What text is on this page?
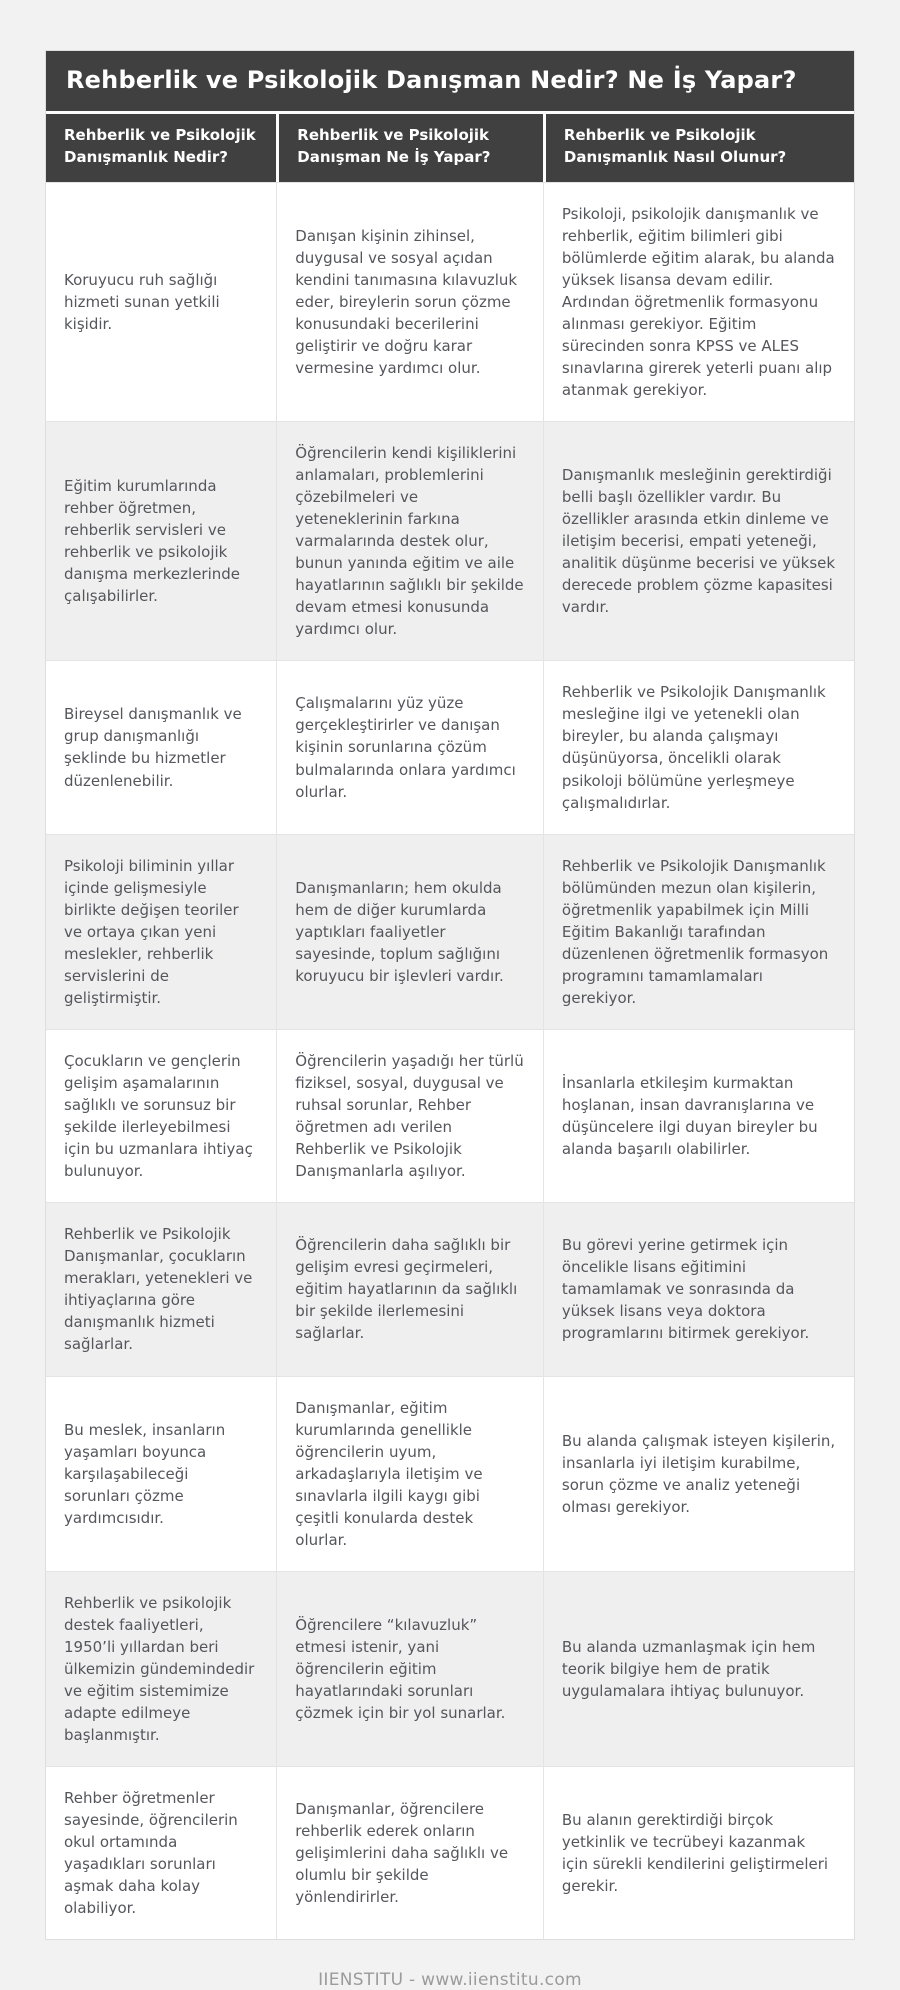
Rehberlik ve Psikolojik Danışman Nedir? Ne İş Yapar?
Rehberlik ve Psikolojik Danışmanlık Nedir?	Rehberlik ve Psikolojik Danışman Ne İş Yapar?	Rehberlik ve Psikolojik Danışmanlık Nasıl Olunur?
Koruyucu ruh sağlığı hizmeti sunan yetkili kişidir.	Danışan kişinin zihinsel, duygusal ve sosyal açıdan kendini tanımasına kılavuzluk eder, bireylerin sorun çözme konusundaki becerilerini geliştirir ve doğru karar vermesine yardımcı olur.	Psikoloji, psikolojik danışmanlık ve rehberlik, eğitim bilimleri gibi bölümlerde eğitim alarak, bu alanda yüksek lisansa devam edilir. Ardından öğretmenlik formasyonu alınması gerekiyor. Eğitim sürecinden sonra KPSS ve ALES sınavlarına girerek yeterli puanı alıp atanmak gerekiyor.
Eğitim kurumlarında rehber öğretmen, rehberlik servisleri ve rehberlik ve psikolojik danışma merkezlerinde çalışabilirler.	Öğrencilerin kendi kişiliklerini anlamaları, problemlerini çözebilmeleri ve yeteneklerinin farkına varmalarında destek olur, bunun yanında eğitim ve aile hayatlarının sağlıklı bir şekilde devam etmesi konusunda yardımcı olur.	Danışmanlık mesleğinin gerektirdiği belli başlı özellikler vardır. Bu özellikler arasında etkin dinleme ve iletişim becerisi, empati yeteneği, analitik düşünme becerisi ve yüksek derecede problem çözme kapasitesi vardır.
Bireysel danışmanlık ve grup danışmanlığı şeklinde bu hizmetler düzenlenebilir.	Çalışmalarını yüz yüze gerçekleştirirler ve danışan kişinin sorunlarına çözüm bulmalarında onlara yardımcı olurlar.	Rehberlik ve Psikolojik Danışmanlık mesleğine ilgi ve yetenekli olan bireyler, bu alanda çalışmayı düşünüyorsa, öncelikli olarak psikoloji bölümüne yerleşmeye çalışmalıdırlar.
Psikoloji biliminin yıllar içinde gelişmesiyle birlikte değişen teoriler ve ortaya çıkan yeni meslekler, rehberlik servislerini de geliştirmiştir.	Danışmanların; hem okulda hem de diğer kurumlarda yaptıkları faaliyetler sayesinde, toplum sağlığını koruyucu bir işlevleri vardır.	Rehberlik ve Psikolojik Danışmanlık bölümünden mezun olan kişilerin, öğretmenlik yapabilmek için Milli Eğitim Bakanlığı tarafından düzenlenen öğretmenlik formasyon programını tamamlamaları gerekiyor.
Çocukların ve gençlerin gelişim aşamalarının sağlıklı ve sorunsuz bir şekilde ilerleyebilmesi için bu uzmanlara ihtiyaç bulunuyor.	Öğrencilerin yaşadığı her türlü fiziksel, sosyal, duygusal ve ruhsal sorunlar, Rehber öğretmen adı verilen Rehberlik ve Psikolojik Danışmanlarla aşılıyor.	İnsanlarla etkileşim kurmaktan hoşlanan, insan davranışlarına ve düşüncelere ilgi duyan bireyler bu alanda başarılı olabilirler.
Rehberlik ve Psikolojik Danışmanlar, çocukların merakları, yetenekleri ve ihtiyaçlarına göre danışmanlık hizmeti sağlarlar.	Öğrencilerin daha sağlıklı bir gelişim evresi geçirmeleri, eğitim hayatlarının da sağlıklı bir şekilde ilerlemesini sağlarlar.	Bu görevi yerine getirmek için öncelikle lisans eğitimini tamamlamak ve sonrasında da yüksek lisans veya doktora programlarını bitirmek gerekiyor.
Bu meslek, insanların yaşamları boyunca karşılaşabileceği sorunları çözme yardımcısıdır.	Danışmanlar, eğitim kurumlarında genellikle öğrencilerin uyum, arkadaşlarıyla iletişim ve sınavlarla ilgili kaygı gibi çeşitli konularda destek olurlar.	Bu alanda çalışmak isteyen kişilerin, insanlarla iyi iletişim kurabilme, sorun çözme ve analiz yeteneği olması gerekiyor.
Rehberlik ve psikolojik destek faaliyetleri, 1950’li yıllardan beri ülkemizin gündemindedir ve eğitim sistemimize adapte edilmeye başlanmıştır.	Öğrencilere “kılavuzluk” etmesi istenir, yani öğrencilerin eğitim hayatlarındaki sorunları çözmek için bir yol sunarlar.	Bu alanda uzmanlaşmak için hem teorik bilgiye hem de pratik uygulamalara ihtiyaç bulunuyor.
Rehber öğretmenler sayesinde, öğrencilerin okul ortamında yaşadıkları sorunları aşmak daha kolay olabiliyor.	Danışmanlar, öğrencilere rehberlik ederek onların gelişimlerini daha sağlıklı ve olumlu bir şekilde yönlendirirler.	Bu alanın gerektirdiği birçok yetkinlik ve tecrübeyi kazanmak için sürekli kendilerini geliştirmeleri gerekir.
IIENSTITU - www.iienstitu.com
